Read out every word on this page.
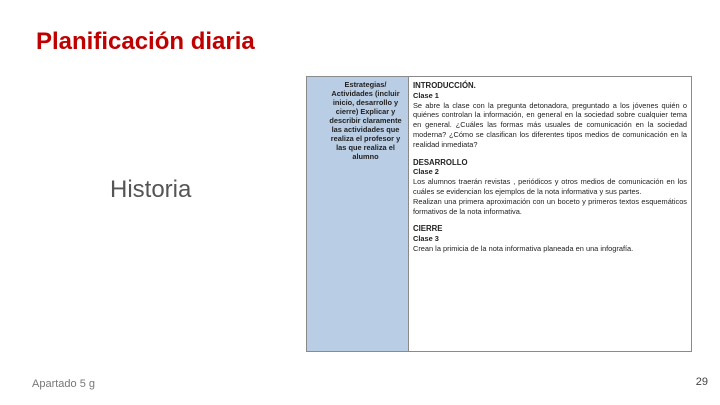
Planificación diaria
Historia
Estrategias/ Actividades (incluir inicio, desarrollo y cierre) Explicar y describir claramente las actividades que realiza el profesor y las que realiza el alumno
INTRODUCCIÓN.
Clase 1
Se abre la clase con la pregunta detonadora, preguntado a los jóvenes quién o quiénes controlan la información, en general en la sociedad sobre cualquier tema en general. ¿Cuáles las formas más usuales de comunicación en la sociedad moderna? ¿Cómo se clasifican los diferentes tipos medios de comunicación en la realidad inmediata?
DESARROLLO
Clase 2
Los alumnos traerán revistas , periódicos y otros medios de comunicación en los cuáles se evidencian los ejemplos de la nota informativa y sus partes.
Realizan una primera aproximación con un boceto y primeros textos esquemáticos formativos de la nota informativa.
CIERRE
Clase 3
Crean la primicia de la nota informativa planeada en una infografía.
Apartado 5 g	29
